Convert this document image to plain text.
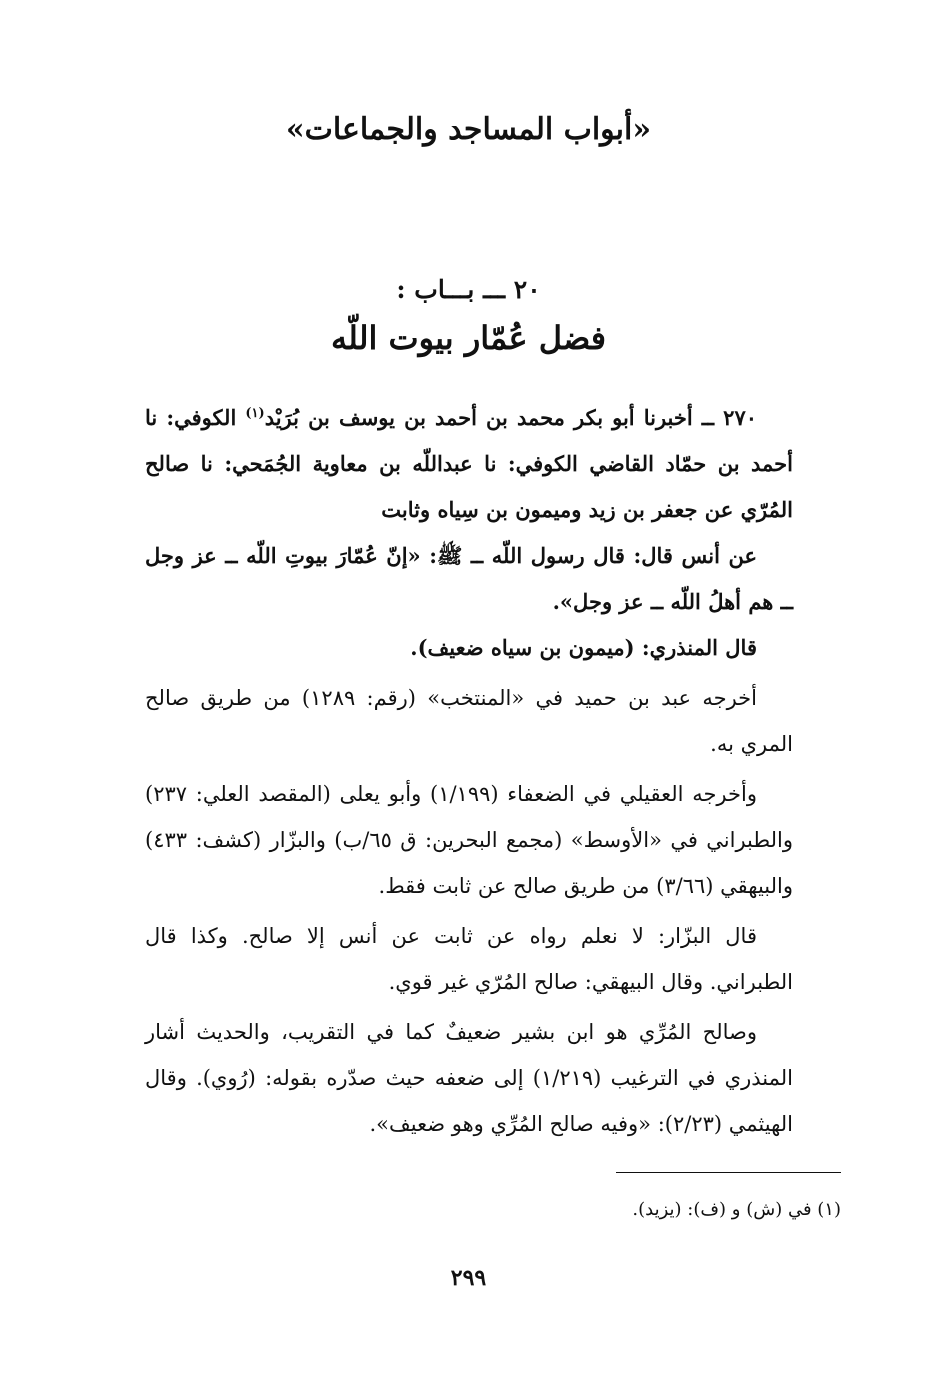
«أبواب المساجد والجماعات»
٢٠ ـــ بـــاب :
فضل عُمّار بيوت اللّه

٢٧٠ ــ أخبرنا أبو بكر محمد بن أحمد بن يوسف بن بُرَيْد$^{(١)}$ الكوفي: نا أحمد بن حمّاد القاضي الكوفي: نا عبداللّه بن معاوية الجُمَحي: نا صالح المُرّي عن جعفر بن زيد وميمون بن سِياه وثابت

عن أنس قال: قال رسول اللّه ــ ﷺ: «إنّ عُمّارَ بيوتِ اللّه ــ عز وجل ــ هم أهلُ اللّه ــ عز وجل».

قال المنذري: (ميمون بن سياه ضعيف).

أخرجه عبد بن حميد في «المنتخب» (رقم: ١٢٨٩) من طريق صالح المري به.

وأخرجه العقيلي في الضعفاء (١/١٩٩) وأبو يعلى (المقصد العلي: ٢٣٧) والطبراني في «الأوسط» (مجمع البحرين: ق ٦٥/ب) والبزّار (كشف: ٤٣٣) والبيهقي (٣/٦٦) من طريق صالح عن ثابت فقط.

قال البزّار: لا نعلم رواه عن ثابت عن أنس إلا صالح. وكذا قال الطبراني. وقال البيهقي: صالح المُرّي غير قوي.

وصالح المُرِّي هو ابن بشير ضعيفٌ كما في التقريب، والحديث أشار المنذري في الترغيب (١/٢١٩) إلى ضعفه حيث صدّره بقوله: (رُوي). وقال الهيثمي (٢/٢٣): «وفيه صالح المُرِّي وهو ضعيف».

(١) في (ش) و (ف): (يزيد).
٢٩٩
